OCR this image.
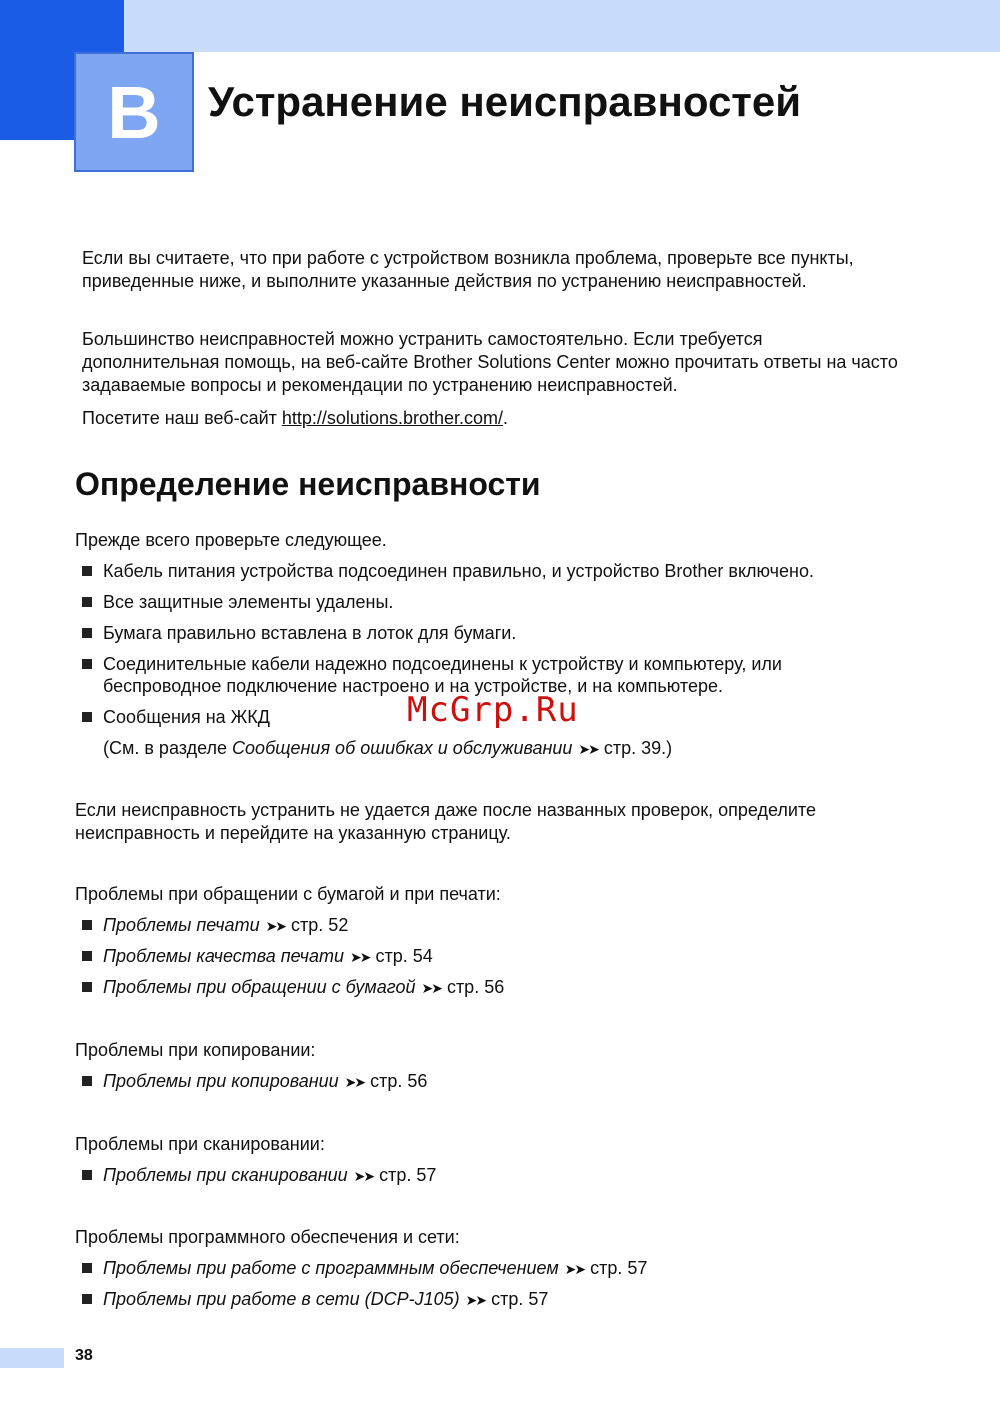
B	Устранение неисправностей

Если вы считаете, что при работе с устройством возникла проблема, проверьте все пункты, приведенные ниже, и выполните указанные действия по устранению неисправностей.

Большинство неисправностей можно устранить самостоятельно. Если требуется дополнительная помощь, на веб-сайте Brother Solutions Center можно прочитать ответы на часто задаваемые вопросы и рекомендации по устранению неисправностей.

Посетите наш веб-сайт http://solutions.brother.com/.

Определение неисправности

Прежде всего проверьте следующее.

Кабель питания устройства подсоединен правильно, и устройство Brother включено.
Все защитные элементы удалены.
Бумага правильно вставлена в лоток для бумаги.
Соединительные кабели надежно подсоединены к устройству и компьютеру, или беспроводное подключение настроено и на устройстве, и на компьютере.
Сообщения на ЖКД
(См. в разделе Сообщения об ошибках и обслуживании ➤➤ стр. 39.)
McGrp.Ru

Если неисправность устранить не удается даже после названных проверок, определите неисправность и перейдите на указанную страницу.

Проблемы при обращении с бумагой и при печати:

Проблемы печати ➤➤ стр. 52
Проблемы качества печати ➤➤ стр. 54
Проблемы при обращении с бумагой ➤➤ стр. 56

Проблемы при копировании:

Проблемы при копировании ➤➤ стр. 56

Проблемы при сканировании:

Проблемы при сканировании ➤➤ стр. 57

Проблемы программного обеспечения и сети:

Проблемы при работе с программным обеспечением ➤➤ стр. 57
Проблемы при работе в сети (DCP-J105) ➤➤ стр. 57
38
